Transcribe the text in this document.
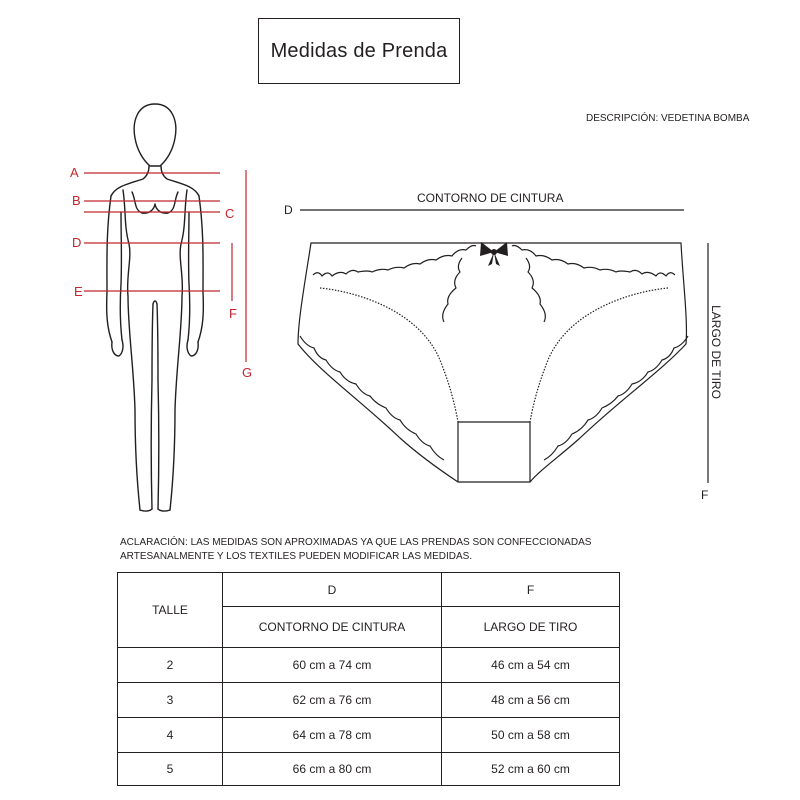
Medidas de Prenda
DESCRIPCIÓN: VEDETINA BOMBA
A
B
C
D
E
F
G
D
CONTORNO DE CINTURA
LARGO DE TIRO
F
ACLARACIÓN: LAS MEDIDAS SON APROXIMADAS YA QUE LAS PRENDAS SON CONFECCIONADAS
ARTESANALMENTE Y LOS TEXTILES PUEDEN MODIFICAR LAS MEDIDAS.
TALLE	D	F
	CONTORNO DE CINTURA	LARGO DE TIRO
2	60 cm a 74 cm	46 cm a 54 cm
3	62 cm a 76 cm	48 cm a 56 cm
4	64 cm a 78 cm	50 cm a 58 cm
5	66 cm a 80 cm	52 cm a 60 cm
